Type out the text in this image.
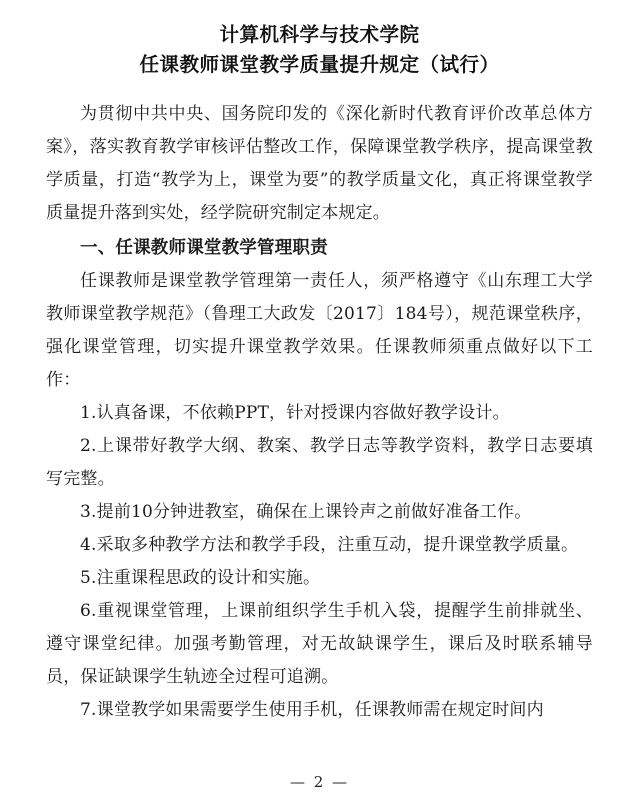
计算机科学与技术学院
任课教师课堂教学质量提升规定（试行）

为贯彻中共中央、国务院印发的《深化新时代教育评价改革总体方案》，落实教育教学审核评估整改工作，保障课堂教学秩序，提高课堂教学质量，打造“教学为上，课堂为要”的教学质量文化，真正将课堂教学质量提升落到实处，经学院研究制定本规定。

一、任课教师课堂教学管理职责

任课教师是课堂教学管理第一责任人，须严格遵守《山东理工大学教师课堂教学规范》（鲁理工大政发〔2017〕184号），规范课堂秩序，强化课堂管理，切实提升课堂教学效果。任课教师须重点做好以下工作：

1.认真备课，不依赖PPT，针对授课内容做好教学设计。

2.上课带好教学大纲、教案、教学日志等教学资料，教学日志要填写完整。

3.提前10分钟进教室，确保在上课铃声之前做好准备工作。

4.采取多种教学方法和教学手段，注重互动，提升课堂教学质量。

5.注重课程思政的设计和实施。

6.重视课堂管理，上课前组织学生手机入袋，提醒学生前排就坐、遵守课堂纪律。加强考勤管理，对无故缺课学生，课后及时联系辅导员，保证缺课学生轨迹全过程可追溯。

7.课堂教学如果需要学生使用手机，任课教师需在规定时间内

— 2 —
